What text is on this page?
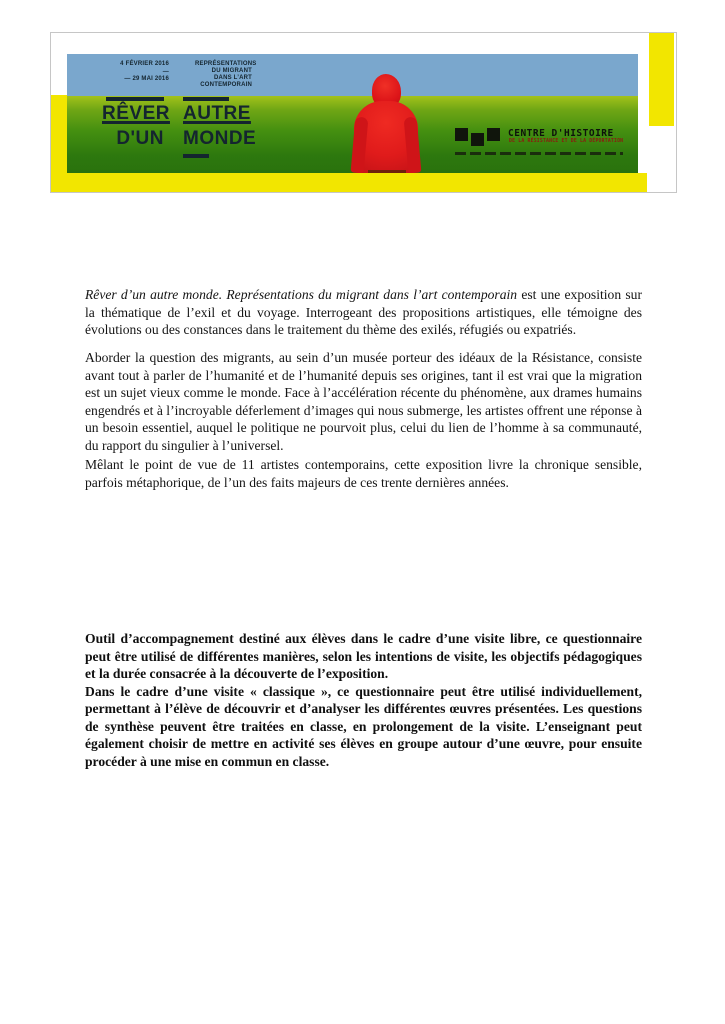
4 FÉVRIER 2016 —
— 29 MAI 2016
REPRÉSENTATIONS
DU MIGRANT
DANS L’ART
CONTEMPORAIN
RÊVER
D'UN
AUTRE
MONDE	CENTRE D'HISTOIRE
DE LA RÉSISTANCE ET DE LA DÉPORTATION

Rêver d’un autre monde. Représentations du migrant dans l’art contemporain est une exposition sur la thématique de l’exil et du voyage. Interrogeant des propositions artistiques, elle témoigne des évolutions ou des constances dans le traitement du thème des exilés, réfugiés ou expatriés.

Aborder la question des migrants, au sein d’un musée porteur des idéaux de la Résistance, consiste avant tout à parler de l’humanité et de l’humanité depuis ses origines, tant il est vrai que la migration est un sujet vieux comme le monde. Face à l’accélération récente du phénomène, aux drames humains engendrés et à l’incroyable déferlement d’images qui nous submerge, les artistes offrent une réponse à un besoin essentiel, auquel le politique ne pourvoit plus, celui du lien de l’homme à sa communauté, du rapport du singulier à l’universel.

Mêlant le point de vue de 11 artistes contemporains, cette exposition livre la chronique sensible, parfois métaphorique, de l’un des faits majeurs de ces trente dernières années.

Outil d’accompagnement destiné aux élèves dans le cadre d’une visite libre, ce questionnaire peut être utilisé de différentes manières, selon les intentions de visite, les objectifs pédagogiques et la durée consacrée à la découverte de l’exposition.

Dans le cadre d’une visite « classique », ce questionnaire peut être utilisé individuellement, permettant à l’élève de découvrir et d’analyser les différentes œuvres présentées. Les questions de synthèse peuvent être traitées en classe, en prolongement de la visite. L’enseignant peut également choisir de mettre en activité ses élèves en groupe autour d’une œuvre, pour ensuite procéder à une mise en commun en classe.
